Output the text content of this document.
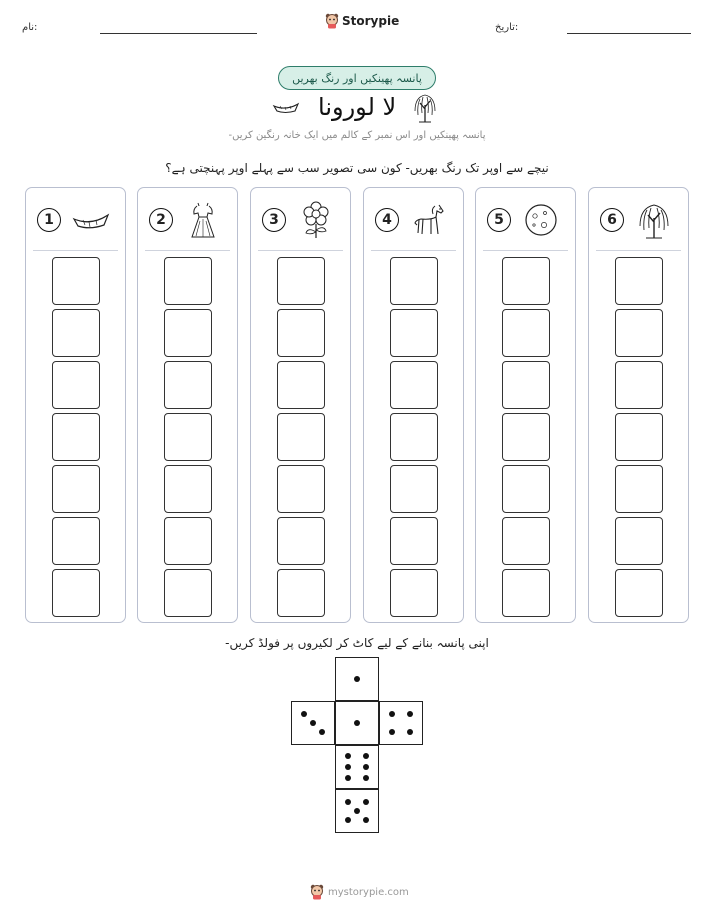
نام:	Storypie	تاریخ:
پانسہ پھینکیں اور رنگ بھریں
لا لورونا
پانسہ پھینکیں اور اس نمبر کے کالم میں ایک خانہ رنگین کریں-
نیچے سے اوپر تک رنگ بھریں- کون سی تصویر سب سے پہلے اوپر پہنچتی ہے؟
1	2	3	4	5	6
اپنی پانسہ بنانے کے لیے کاٹ کر لکیروں پر فولڈ کریں-
mystorypie.com
